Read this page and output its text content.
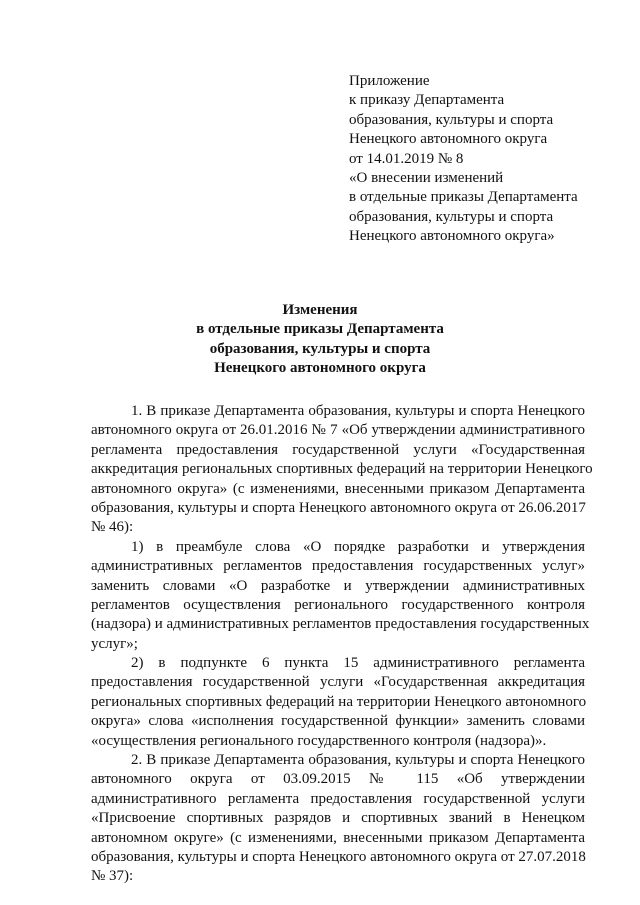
Приложение
к приказу Департамента
образования, культуры и спорта
Ненецкого автономного округа
от 14.01.2019 № 8
«О внесении изменений
в отдельные приказы Департамента
образования, культуры и спорта
Ненецкого автономного округа»
Изменения
в отдельные приказы Департамента
образования, культуры и спорта
Ненецкого автономного округа
1. В приказе Департамента образования, культуры и спорта Ненецкого
автономного округа от 26.01.2016 № 7 «Об утверждении административного
регламента предоставления государственной услуги «Государственная
аккредитация региональных спортивных федераций на территории Ненецкого
автономного округа» (с изменениями, внесенными приказом Департамента
образования, культуры и спорта Ненецкого автономного округа от 26.06.2017
№ 46):
1) в преамбуле слова «О порядке разработки и утверждения
административных регламентов предоставления государственных услуг»
заменить словами «О разработке и утверждении административных
регламентов осуществления регионального государственного контроля
(надзора) и административных регламентов предоставления государственных
услуг»;
2) в подпункте 6 пункта 15 административного регламента
предоставления государственной услуги «Государственная аккредитация
региональных спортивных федераций на территории Ненецкого автономного
округа» слова «исполнения государственной функции» заменить словами
«осуществления регионального государственного контроля (надзора)».
2. В приказе Департамента образования, культуры и спорта Ненецкого
автономного округа от 03.09.2015 № 115 «Об утверждении
административного регламента предоставления государственной услуги
«Присвоение спортивных разрядов и спортивных званий в Ненецком
автономном округе» (с изменениями, внесенными приказом Департамента
образования, культуры и спорта Ненецкого автономного округа от 27.07.2018
№ 37):
